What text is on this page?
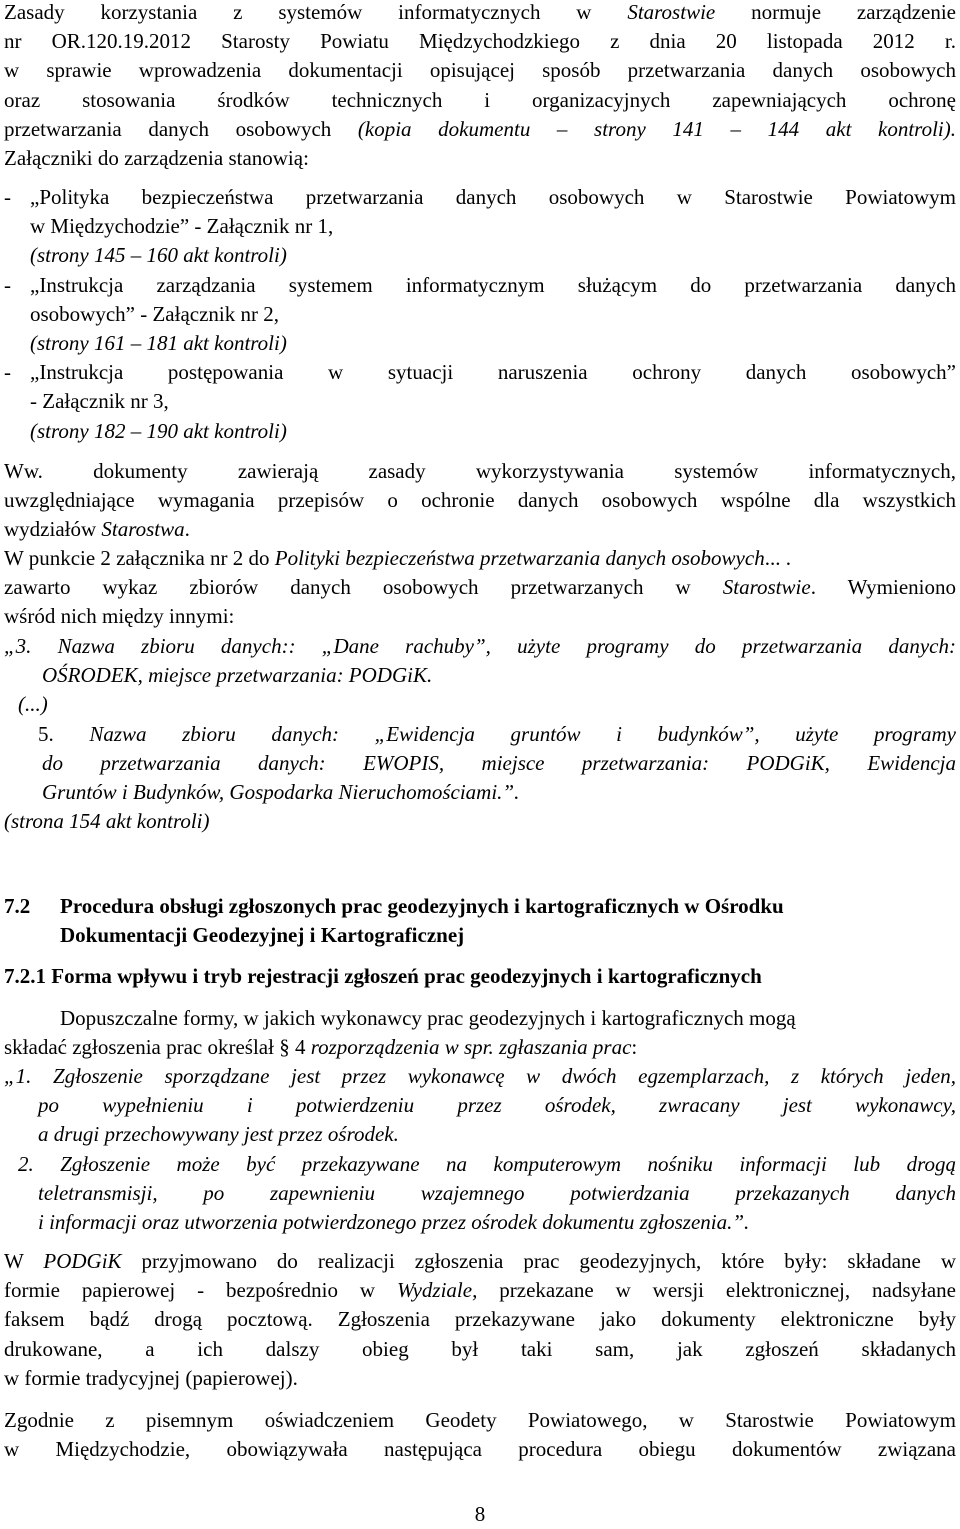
Zasady korzystania z systemów informatycznych w Starostwie normuje zarządzenie

nr OR.120.19.2012 Starosty Powiatu Międzychodzkiego z dnia 20 listopada 2012 r.

w sprawie wprowadzenia dokumentacji opisującej sposób przetwarzania danych osobowych

oraz stosowania środków technicznych i organizacyjnych zapewniających ochronę

przetwarzania danych osobowych (kopia dokumentu – strony 141 – 144 akt kontroli).

Załączniki do zarządzenia stanowią:

- „Polityka bezpieczeństwa przetwarzania danych osobowych w Starostwie Powiatowym

w Międzychodzie” - Załącznik nr 1,

(strony 145 – 160 akt kontroli)

- „Instrukcja zarządzania systemem informatycznym służącym do przetwarzania danych

osobowych” - Załącznik nr 2,

(strony 161 – 181 akt kontroli)

- „Instrukcja postępowania w sytuacji naruszenia ochrony danych osobowych”

- Załącznik nr 3,

(strony 182 – 190 akt kontroli)

Ww. dokumenty zawierają zasady wykorzystywania systemów informatycznych,

uwzględniające wymagania przepisów o ochronie danych osobowych wspólne dla wszystkich

wydziałów Starostwa.

W punkcie 2 załącznika nr 2 do Polityki bezpieczeństwa przetwarzania danych osobowych... .

zawarto wykaz zbiorów danych osobowych przetwarzanych w Starostwie. Wymieniono

wśród nich między innymi:

„3. Nazwa zbioru danych:: „Dane rachuby”, użyte programy do przetwarzania danych:

OŚRODEK, miejsce przetwarzania: PODGiK.

(...)

5. Nazwa zbioru danych: „Ewidencja gruntów i budynków”, użyte programy

do przetwarzania danych: EWOPIS, miejsce przetwarzania: PODGiK, Ewidencja

Gruntów i Budynków, Gospodarka Nieruchomościami.”.

(strona 154 akt kontroli)

7.2	Procedura obsługi zgłoszonych prac geodezyjnych i kartograficznych w Ośrodku

Dokumentacji Geodezyjnej i Kartograficznej

7.2.1 Forma wpływu i tryb rejestracji zgłoszeń prac geodezyjnych i kartograficznych

Dopuszczalne formy, w jakich wykonawcy prac geodezyjnych i kartograficznych mogą

składać zgłoszenia prac określał § 4 rozporządzenia w spr. zgłaszania prac:

„1. Zgłoszenie sporządzane jest przez wykonawcę w dwóch egzemplarzach, z których jeden,

po wypełnieniu i potwierdzeniu przez ośrodek, zwracany jest wykonawcy,

a drugi przechowywany jest przez ośrodek.

2. Zgłoszenie może być przekazywane na komputerowym nośniku informacji lub drogą

teletransmisji, po zapewnieniu wzajemnego potwierdzania przekazanych danych

i informacji oraz utworzenia potwierdzonego przez ośrodek dokumentu zgłoszenia.”.

W PODGiK przyjmowano do realizacji zgłoszenia prac geodezyjnych, które były: składane w

formie papierowej - bezpośrednio w Wydziale, przekazane w wersji elektronicznej, nadsyłane

faksem bądź drogą pocztową. Zgłoszenia przekazywane jako dokumenty elektroniczne były

drukowane, a ich dalszy obieg był taki sam, jak zgłoszeń składanych

w formie tradycyjnej (papierowej).

Zgodnie z pisemnym oświadczeniem Geodety Powiatowego, w Starostwie Powiatowym

w Międzychodzie, obowiązywała następująca procedura obiegu dokumentów związana

8
